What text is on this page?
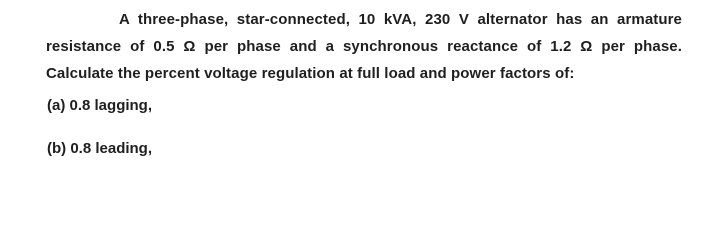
A three-phase, star-connected, 10 kVA, 230 V alternator has an armature resistance of 0.5 Ω per phase and a synchronous reactance of 1.2 Ω per phase. Calculate the percent voltage regulation at full load and power factors of:

(a) 0.8 lagging,
(b) 0.8 leading,
